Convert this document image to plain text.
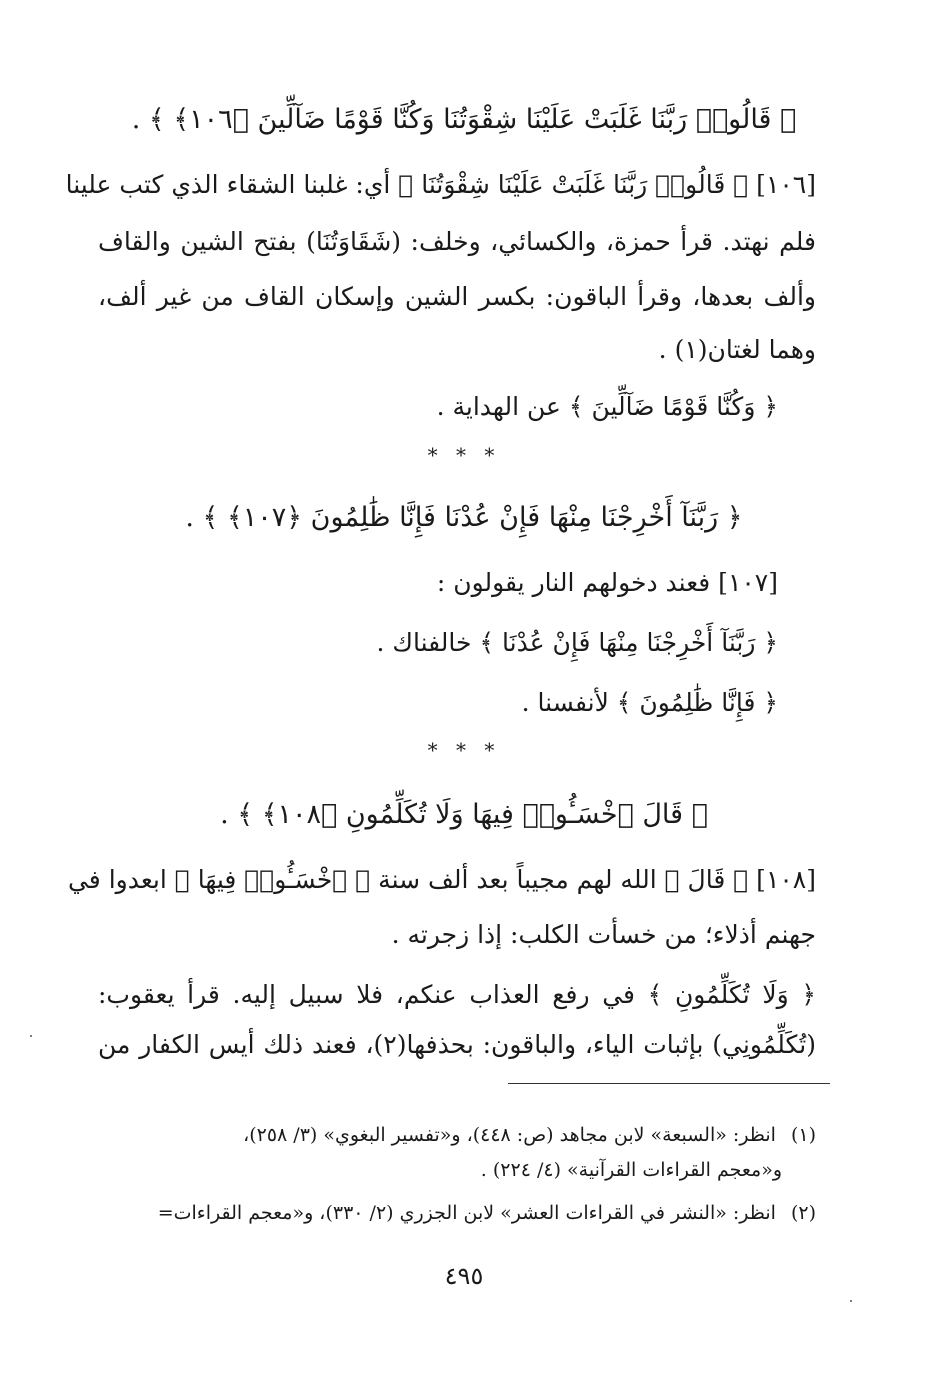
﴿ قَالُوا۟ رَبَّنَا غَلَبَتْ عَلَيْنَا شِقْوَتُنَا وَكُنَّا قَوْمًا ضَآلِّينَ ﴿١٠٦﴾ ﴾ .
[١٠٦] ﴿ قَالُوا۟ رَبَّنَا غَلَبَتْ عَلَيْنَا شِقْوَتُنَا ﴾ أي: غلبنا الشقاء الذي كتب علينا
فلم نهتد. قرأ حمزة، والكسائي، وخلف: (شَقَاوَتُنَا) بفتح الشين والقاف
وألف بعدها، وقرأ الباقون: بكسر الشين وإسكان القاف من غير ألف،
وهما لغتان(١) .
﴿ وَكُنَّا قَوْمًا ضَآلِّينَ ﴾ عن الهداية .
* * *
﴿ رَبَّنَآ أَخْرِجْنَا مِنْهَا فَإِنْ عُدْنَا فَإِنَّا ظَٰلِمُونَ ﴿١٠٧﴾ ﴾ .
[١٠٧] فعند دخولهم النار يقولون :
﴿ رَبَّنَآ أَخْرِجْنَا مِنْهَا فَإِنْ عُدْنَا ﴾ خالفناك .
﴿ فَإِنَّا ظَٰلِمُونَ ﴾ لأنفسنا .
* * *
﴿ قَالَ ٱخْسَـُٔوا۟ فِيهَا وَلَا تُكَلِّمُونِ ﴿١٠٨﴾ ﴾ .
[١٠٨] ﴿ قَالَ ﴾ الله لهم مجيباً بعد ألف سنة ﴿ ٱخْسَـُٔوا۟ فِيهَا ﴾ ابعدوا في
جهنم أذلاء؛ من خسأت الكلب: إذا زجرته .
﴿ وَلَا تُكَلِّمُونِ ﴾ في رفع العذاب عنكم، فلا سبيل إليه. قرأ يعقوب:
(تُكَلِّمُونِي) بإثبات الياء، والباقون: بحذفها(٢)، فعند ذلك أيس الكفار من
(١) انظر: «السبعة» لابن مجاهد (ص: ٤٤٨)، و«تفسير البغوي» (٣/ ٢٥٨)،
و«معجم القراءات القرآنية» (٤/ ٢٢٤) .
(٢) انظر: «النشر في القراءات العشر» لابن الجزري (٢/ ٣٣٠)، و«معجم القراءات=
٤٩٥
